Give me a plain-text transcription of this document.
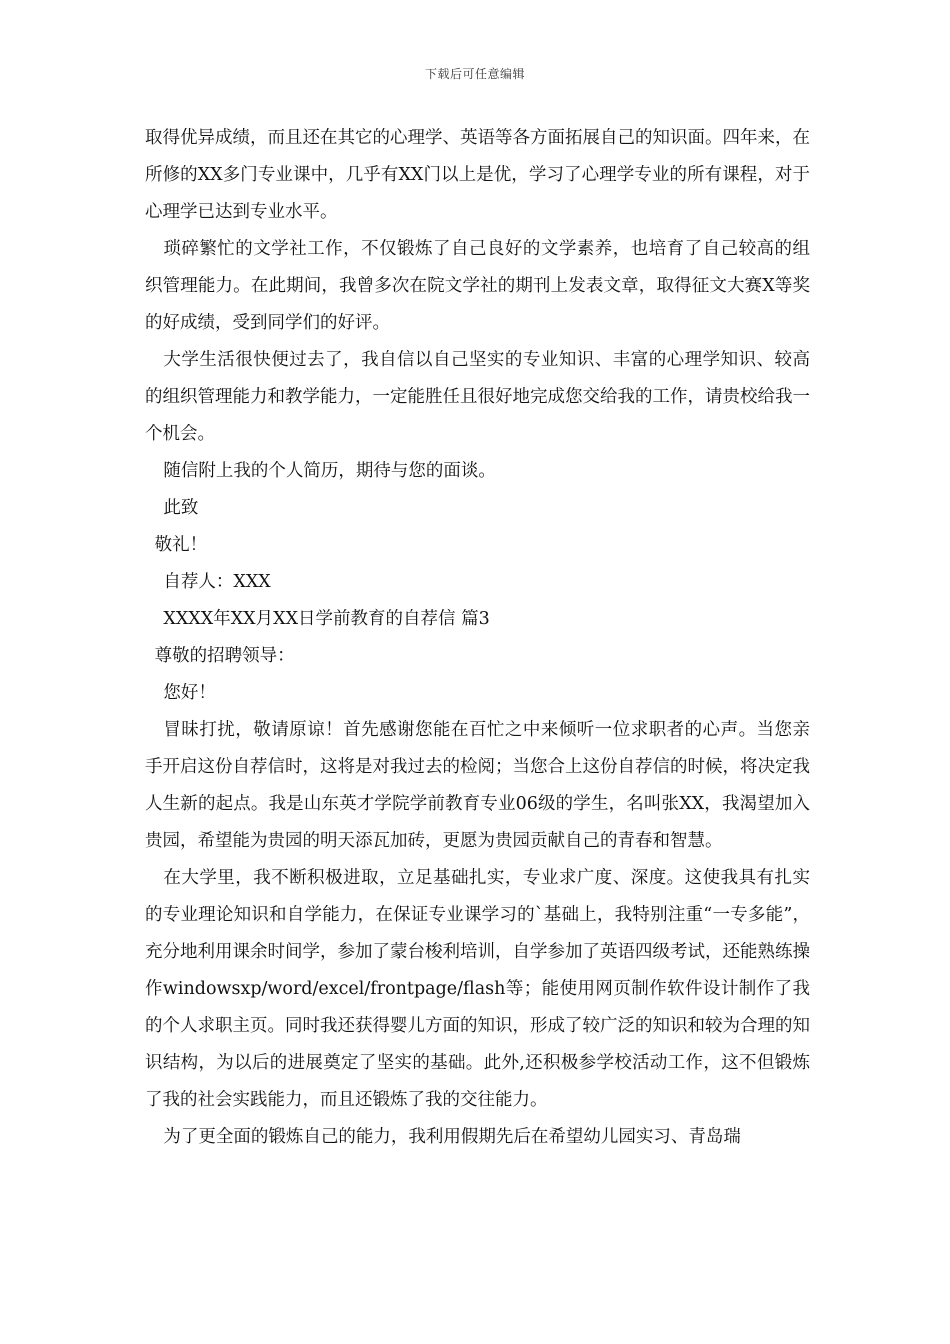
下载后可任意编辑

取得优异成绩，而且还在其它的心理学、英语等各方面拓展自己的知识面。四年来，在所修的XX多门专业课中，几乎有XX门以上是优，学习了心理学专业的所有课程，对于心理学已达到专业水平。

琐碎繁忙的文学社工作，不仅锻炼了自己良好的文学素养，也培育了自己较高的组织管理能力。在此期间，我曾多次在院文学社的期刊上发表文章，取得征文大赛X等奖的好成绩，受到同学们的好评。

大学生活很快便过去了，我自信以自己坚实的专业知识、丰富的心理学知识、较高的组织管理能力和教学能力，一定能胜任且很好地完成您交给我的工作，请贵校给我一个机会。

随信附上我的个人简历，期待与您的面谈。

此致

敬礼！

自荐人：XXX

XXXX年XX月XX日学前教育的自荐信 篇3

尊敬的招聘领导：

您好！

冒昧打扰，敬请原谅！首先感谢您能在百忙之中来倾听一位求职者的心声。当您亲手开启这份自荐信时，这将是对我过去的检阅；当您合上这份自荐信的时候，将决定我人生新的起点。我是山东英才学院学前教育专业06级的学生，名叫张XX，我渴望加入贵园，希望能为贵园的明天添瓦加砖，更愿为贵园贡献自己的青春和智慧。

在大学里，我不断积极进取，立足基础扎实，专业求广度、深度。这使我具有扎实的专业理论知识和自学能力，在保证专业课学习的`基础上，我特别注重“一专多能”，充分地利用课余时间学，参加了蒙台梭利培训，自学参加了英语四级考试，还能熟练操作windowsxp/word/excel/frontpage/flash等；能使用网页制作软件设计制作了我的个人求职主页。同时我还获得婴儿方面的知识，形成了较广泛的知识和较为合理的知识结构，为以后的进展奠定了坚实的基础。此外,还积极参学校活动工作，这不但锻炼了我的社会实践能力，而且还锻炼了我的交往能力。

为了更全面的锻炼自己的能力，我利用假期先后在希望幼儿园实习、青岛瑞
